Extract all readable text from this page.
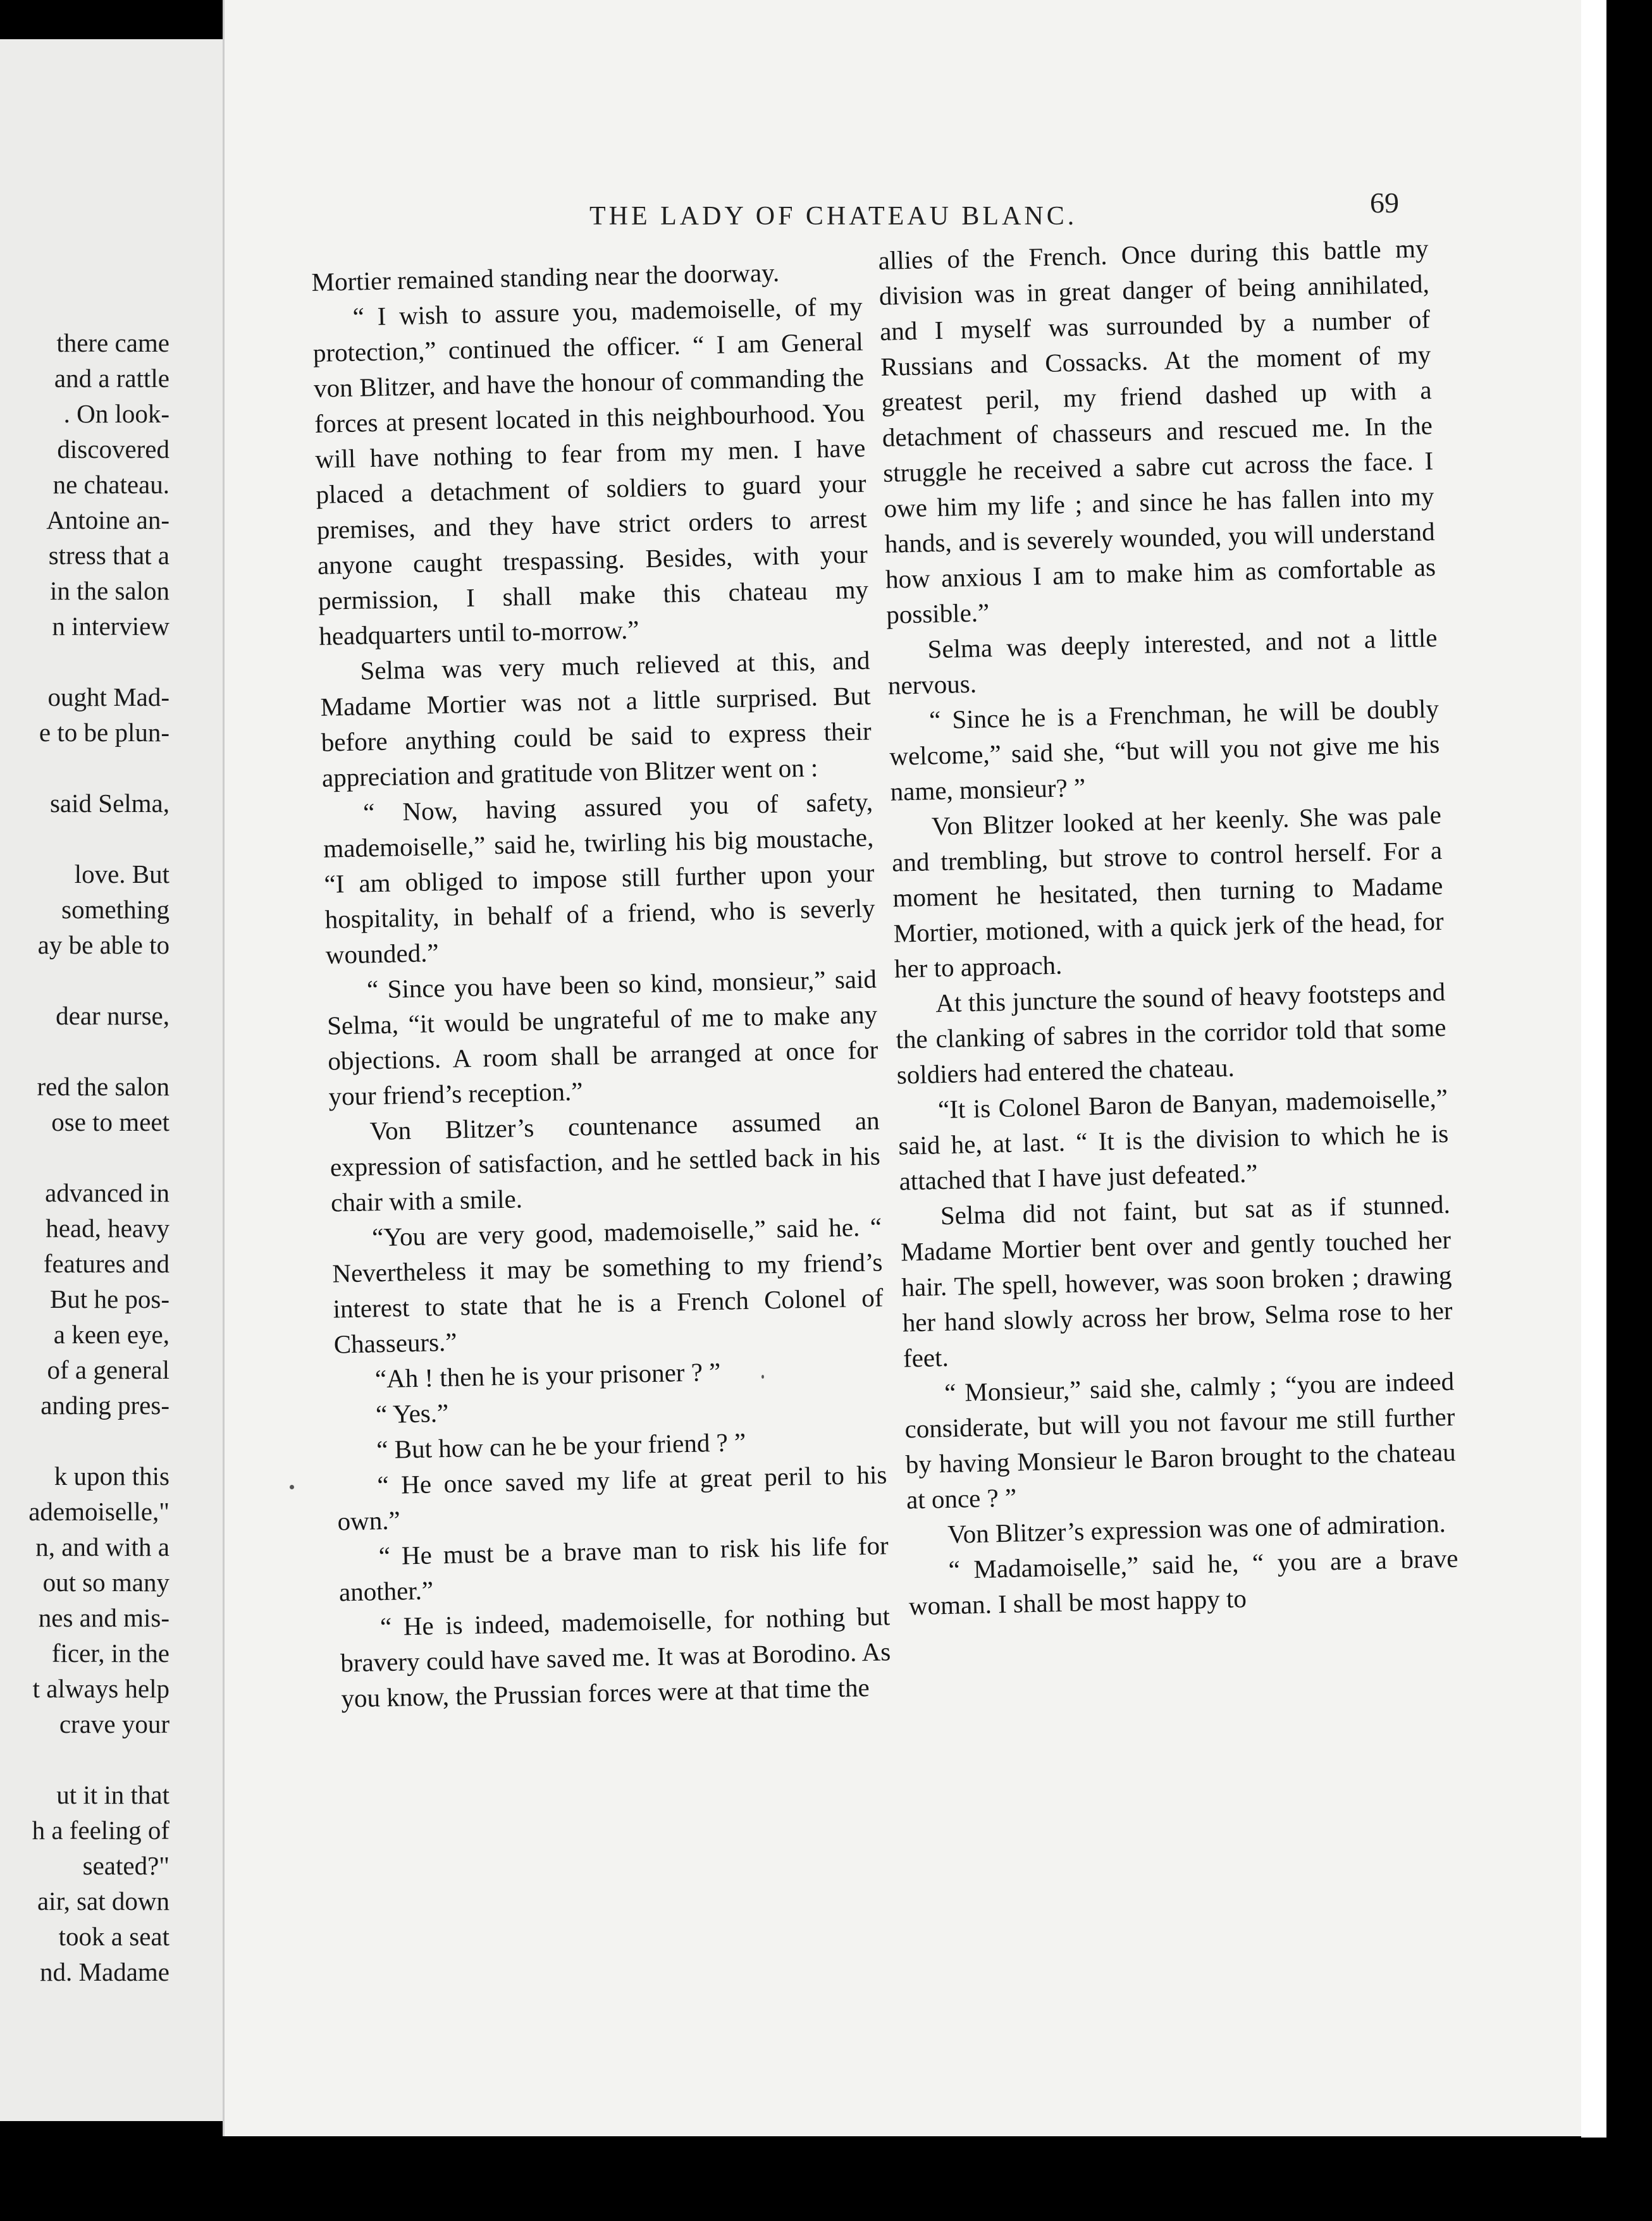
there came
and a rattle
. On look-
discovered
ne chateau.
Antoine an-
stress that a
in the salon
n interview
ought Mad-
e to be plun-
said Selma,
love. But
something
ay be able to
dear nurse,
red the salon
ose to meet
advanced in
head, heavy
features and
But he pos-
a keen eye,
of a general
anding pres-
k upon this
ademoiselle,"
n, and with a
out so many
nes and mis-
ficer, in the
t always help
crave your
ut it in that
h a feeling of
seated?"
air, sat down
took a seat
nd. Madame
THE LADY OF CHATEAU BLANC.	69

Mortier remained standing near the doorway.

“ I wish to assure you, mademoiselle, of my protection,” continued the officer. “ I am General von Blitzer, and have the honour of commanding the forces at present located in this neighbourhood. You will have nothing to fear from my men. I have placed a detachment of soldiers to guard your premises, and they have strict orders to arrest anyone caught trespassing. Besides, with your permission, I shall make this chateau my headquarters until to-morrow.”

Selma was very much relieved at this, and Madame Mortier was not a little surprised. But before anything could be said to express their appreciation and gratitude von Blitzer went on :

“ Now, having assured you of safety, mademoiselle,” said he, twirling his big moustache, “I am obliged to impose still further upon your hospitality, in behalf of a friend, who is severly wounded.”

“ Since you have been so kind, monsieur,” said Selma, “it would be ungrateful of me to make any objections. A room shall be arranged at once for your friend’s reception.”

Von Blitzer’s countenance assumed an expression of satisfaction, and he settled back in his chair with a smile.

“You are very good, mademoiselle,” said he. “ Nevertheless it may be something to my friend’s interest to state that he is a French Colonel of Chasseurs.”

“Ah ! then he is your prisoner ? ”

“ Yes.”

“ But how can he be your friend ? ”

“ He once saved my life at great peril to his own.”

“ He must be a brave man to risk his life for another.”

“ He is indeed, mademoiselle, for nothing but bravery could have saved me. It was at Borodino. As you know, the Prussian forces were at that time the

allies of the French. Once during this battle my division was in great danger of being annihilated, and I myself was surrounded by a number of Russians and Cossacks. At the moment of my greatest peril, my friend dashed up with a detachment of chasseurs and rescued me. In the struggle he received a sabre cut across the face. I owe him my life ; and since he has fallen into my hands, and is severely wounded, you will understand how anxious I am to make him as comfortable as possible.”

Selma was deeply interested, and not a little nervous.

“ Since he is a Frenchman, he will be doubly welcome,” said she, “but will you not give me his name, monsieur? ”

Von Blitzer looked at her keenly. She was pale and trembling, but strove to control herself. For a moment he hesitated, then turning to Madame Mortier, motioned, with a quick jerk of the head, for her to approach.

At this juncture the sound of heavy footsteps and the clanking of sabres in the corridor told that some soldiers had entered the chateau.

“It is Colonel Baron de Banyan, mademoiselle,” said he, at last. “ It is the division to which he is attached that I have just defeated.”

Selma did not faint, but sat as if stunned. Madame Mortier bent over and gently touched her hair. The spell, however, was soon broken ; drawing her hand slowly across her brow, Selma rose to her feet.

“ Monsieur,” said she, calmly ; “you are indeed considerate, but will you not favour me still further by having Monsieur le Baron brought to the chateau at once ? ”

Von Blitzer’s expression was one of admiration.

“ Madamoiselle,” said he, “ you are a brave woman. I shall be most happy to
